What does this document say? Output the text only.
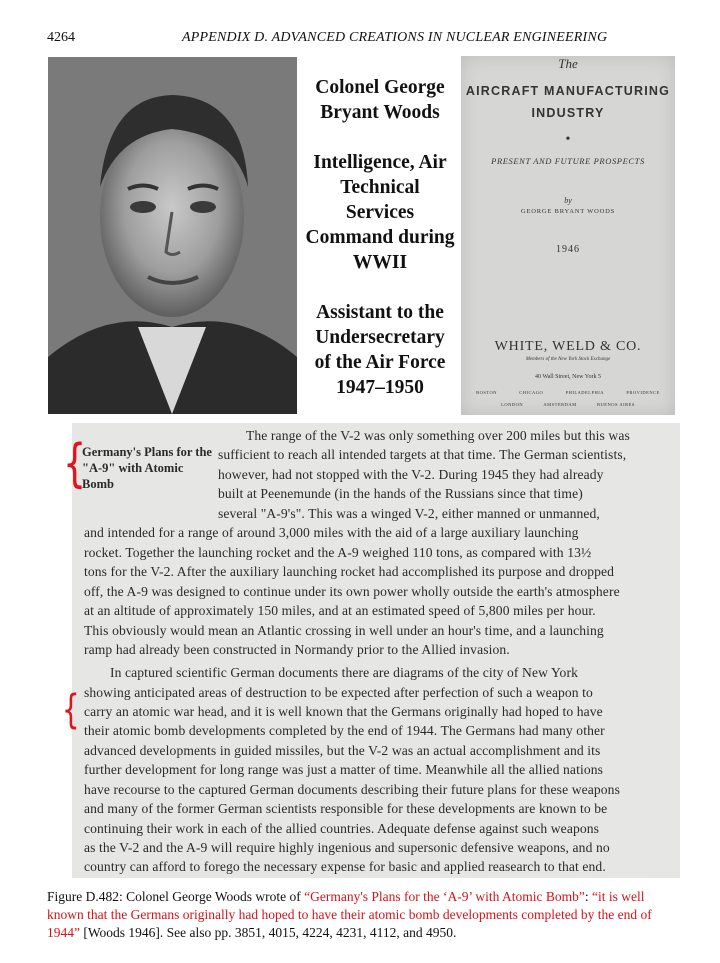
4264	APPENDIX D. ADVANCED CREATIONS IN NUCLEAR ENGINEERING

Colonel George Bryant Woods

Intelligence, Air Technical Services Command during WWII

Assistant to the Undersecretary of the Air Force 1947–1950

The
AIRCRAFT MANUFACTURING
INDUSTRY
•
PRESENT AND FUTURE PROSPECTS
by
GEORGE BRYANT WOODS
1946
WHITE, WELD & CO.
Members of the New York Stock Exchange
40 Wall Street, New York 5
BOSTON	CHICAGO	PHILADELPHIA	PROVIDENCE
LONDON	AMSTERDAM	BUENOS AIRES
{
{
Germany's Plans for the "A-9" with Atomic Bomb
The range of the V-2 was only something over 200 miles but this was
sufficient to reach all intended targets at that time. The German scientists,
however, had not stopped with the V-2. During 1945 they had already
built at Peenemunde (in the hands of the Russians since that time)
several "A-9's". This was a winged V-2, either manned or unmanned,
and intended for a range of around 3,000 miles with the aid of a large auxiliary launching
rocket. Together the launching rocket and the A-9 weighed 110 tons, as compared with 13½
tons for the V-2. After the auxiliary launching rocket had accomplished its purpose and dropped
off, the A-9 was designed to continue under its own power wholly outside the earth's atmosphere
at an altitude of approximately 150 miles, and at an estimated speed of 5,800 miles per hour.
This obviously would mean an Atlantic crossing in well under an hour's time, and a launching
ramp had already been constructed in Normandy prior to the Allied invasion.
In captured scientific German documents there are diagrams of the city of New York
showing anticipated areas of destruction to be expected after perfection of such a weapon to
carry an atomic war head, and it is well known that the Germans originally had hoped to have
their atomic bomb developments completed by the end of 1944. The Germans had many other
advanced developments in guided missiles, but the V-2 was an actual accomplishment and its
further development for long range was just a matter of time. Meanwhile all the allied nations
have recourse to the captured German documents describing their future plans for these weapons
and many of the former German scientists responsible for these developments are known to be
continuing their work in each of the allied countries. Adequate defense against such weapons
as the V-2 and the A-9 will require highly ingenious and supersonic defensive weapons, and no
country can afford to forego the necessary expense for basic and applied reasearch to that end.
Figure D.482: Colonel George Woods wrote of “Germany's Plans for the ‘A-9’ with Atomic Bomb”: “it is well known that the Germans originally had hoped to have their atomic bomb developments completed by the end of 1944” [Woods 1946]. See also pp. 3851, 4015, 4224, 4231, 4112, and 4950.
